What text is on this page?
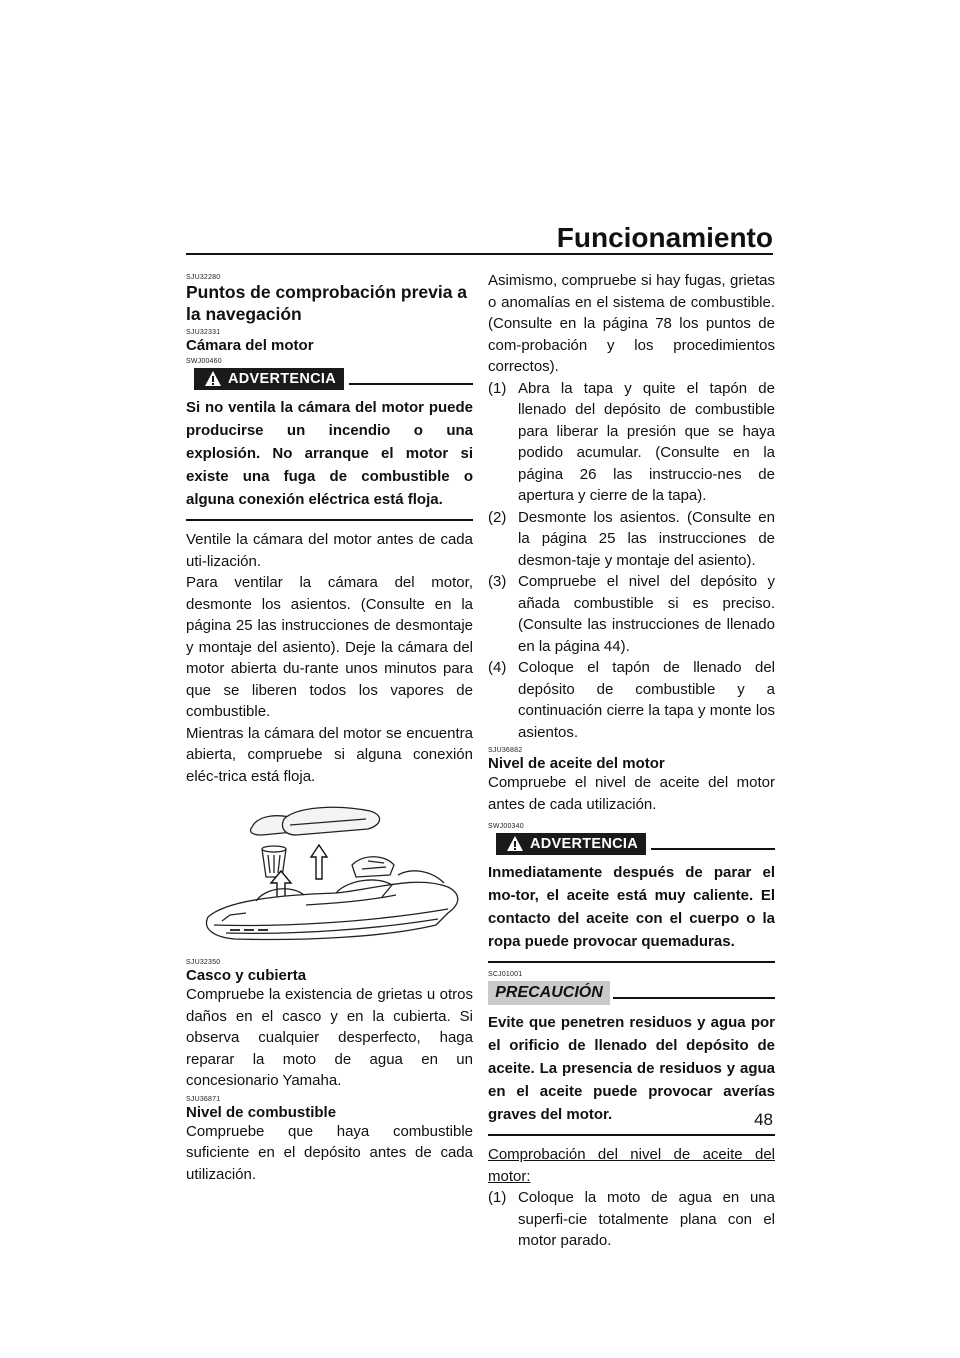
Funcionamiento
SJU32280
Puntos de comprobación previa a la navegación
SJU32331
Cámara del motor
SWJ00460
ADVERTENCIA

Si no ventila la cámara del motor puede producirse un incendio o una explosión. No arranque el motor si existe una fuga de combustible o alguna conexión eléctrica está floja.

Ventile la cámara del motor antes de cada uti-lización.

Para ventilar la cámara del motor, desmonte los asientos. (Consulte en la página 25 las instrucciones de desmontaje y montaje del asiento). Deje la cámara del motor abierta du-rante unos minutos para que se liberen todos los vapores de combustible.

Mientras la cámara del motor se encuentra abierta, compruebe si alguna conexión eléc-trica está floja.

SJU32350
Casco y cubierta

Compruebe la existencia de grietas u otros daños en el casco y en la cubierta. Si observa cualquier desperfecto, haga reparar la moto de agua en un concesionario Yamaha.

SJU36871
Nivel de combustible

Compruebe que haya combustible suficiente en el depósito antes de cada utilización.

Asimismo, compruebe si hay fugas, grietas o anomalías en el sistema de combustible. (Consulte en la página 78 los puntos de com-probación y los procedimientos correctos).

(1) Abra la tapa y quite el tapón de llenado del depósito de combustible para liberar la presión que se haya podido acumular. (Consulte en la página 26 las instruccio-nes de apertura y cierre de la tapa).
(2) Desmonte los asientos. (Consulte en la página 25 las instrucciones de desmon-taje y montaje del asiento).
(3) Compruebe el nivel del depósito y añada combustible si es preciso. (Consulte las instrucciones de llenado en la página 44).
(4) Coloque el tapón de llenado del depósito de combustible y a continuación cierre la tapa y monte los asientos.
SJU36882
Nivel de aceite del motor

Compruebe el nivel de aceite del motor antes de cada utilización.

SWJ00340
ADVERTENCIA

Inmediatamente después de parar el mo-tor, el aceite está muy caliente. El contacto del aceite con el cuerpo o la ropa puede provocar quemaduras.

SCJ01001
PRECAUCIÓN

Evite que penetren residuos y agua por el orificio de llenado del depósito de aceite. La presencia de residuos y agua en el aceite puede provocar averías graves del motor.

Comprobación del nivel de aceite del motor:

(1) Coloque la moto de agua en una superfi-cie totalmente plana con el motor parado.
48
